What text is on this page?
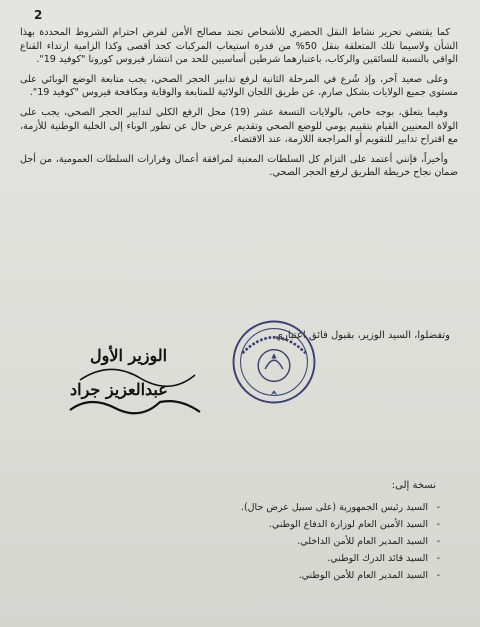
2

كما يقتضي تحرير نشاط النقل الحضري للأشخاص تجند مصالح الأمن لفرض احترام الشروط المحددة بهذا الشأن ولاسيما تلك المتعلقة بنقل 50% من قدرة استيعاب المركبات كحد أقصى وكذا الزامية ارتداء القناع الواقي بالنسبة للسائقين والركاب، باعتبارهما شرطين أساسيين للحد من انتشار فيروس كورونا "كوفيد 19".

وعلى صعيد آخر، وإذ شُرع في المرحلة الثانية لرفع تدابير الحجر الصحي، يجب متابعة الوضع الوبائي على مستوى جميع الولايات بشكل صارم، عن طريق اللجان الولائية للمتابعة والوقاية ومكافحة فيروس "كوفيد 19".

وفيما يتعلق، بوجه خاص، بالولايات التسعة عشر (19) محل الرفع الكلي لتدابير الحجر الصحي، يجب على الولاة المعنيين القيام بتقييم يومي للوضع الصحي وتقديم عرض حال عن تطور الوباء إلى الخلية الوطنية للأزمة، مع اقتراح تدابير للتقويم أو المراجعة اللازمة، عند الاقتضاء.

وأخيراً، فإنني أعتمد على التزام كل السلطات المعنية لمرافقة أعمال وقرارات السلطات العمومية، من أجل ضمان نجاح خريطة الطريق لرفع الحجر الصحي.

وتفضلوا، السيد الوزير، بقبول فائق اعتباري.
الوزير الأول
عبدالعزيز جراد
نسخة إلى:
-السيد رئيس الجمهورية (على سبيل عرض حال).
-السيد الأمين العام لوزارة الدفاع الوطني.
-السيد المدير العام للأمن الداخلي.
-السيد قائد الدرك الوطني.
-السيد المدير العام للأمن الوطني.
